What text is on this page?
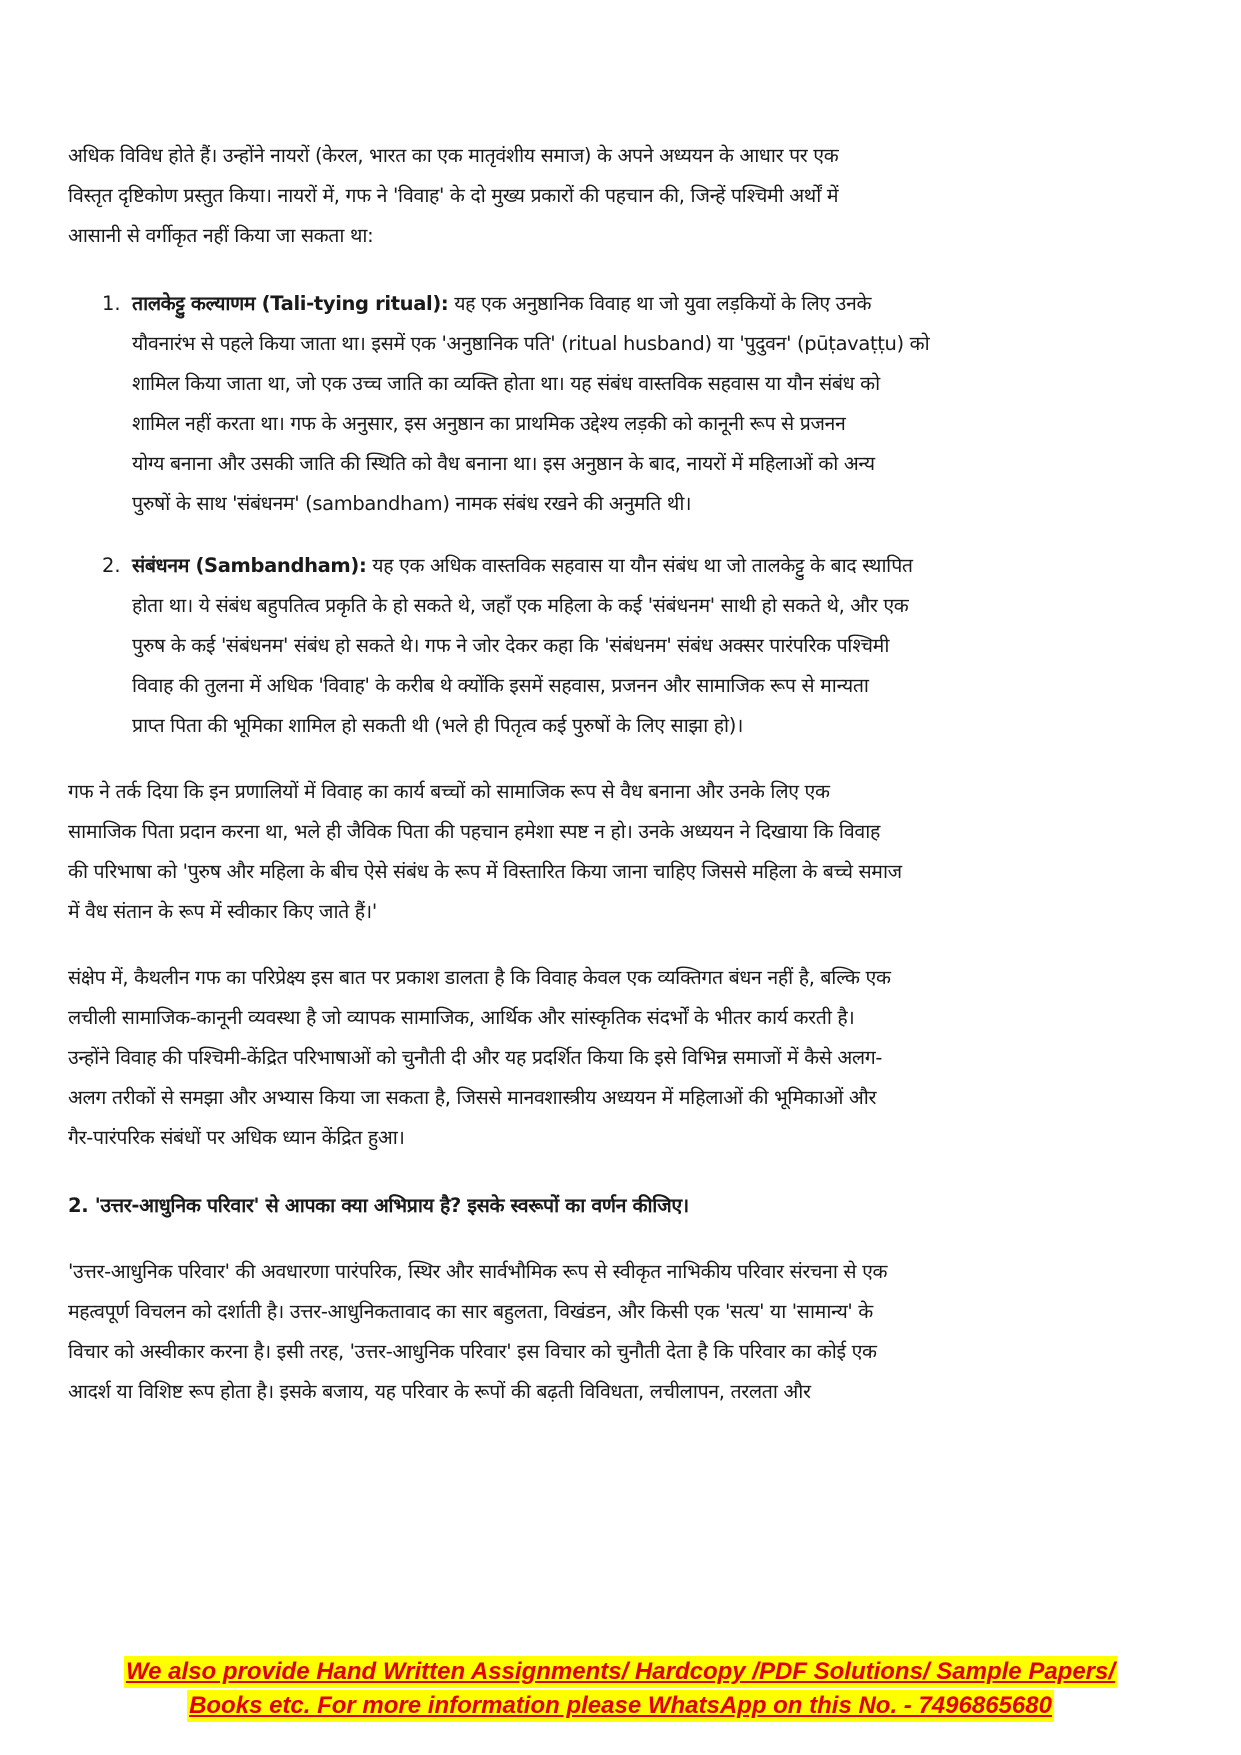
अधिक विविध होते हैं। उन्होंने नायरों (केरल, भारत का एक मातृवंशीय समाज) के अपने अध्ययन के आधार पर एक
विस्तृत दृष्टिकोण प्रस्तुत किया। नायरों में, गफ ने 'विवाह' के दो मुख्य प्रकारों की पहचान की, जिन्हें पश्चिमी अर्थों में
आसानी से वर्गीकृत नहीं किया जा सकता था:
1. तालकेट्टु कल्याणम (Tali-tying ritual): यह एक अनुष्ठानिक विवाह था जो युवा लड़कियों के लिए उनके
यौवनारंभ से पहले किया जाता था। इसमें एक 'अनुष्ठानिक पति' (ritual husband) या 'पुदुवन' (pūṭavaṭṭu) को
शामिल किया जाता था, जो एक उच्च जाति का व्यक्ति होता था। यह संबंध वास्तविक सहवास या यौन संबंध को
शामिल नहीं करता था। गफ के अनुसार, इस अनुष्ठान का प्राथमिक उद्देश्य लड़की को कानूनी रूप से प्रजनन
योग्य बनाना और उसकी जाति की स्थिति को वैध बनाना था। इस अनुष्ठान के बाद, नायरों में महिलाओं को अन्य
पुरुषों के साथ 'संबंधनम' (sambandham) नामक संबंध रखने की अनुमति थी।
2. संबंधनम (Sambandham): यह एक अधिक वास्तविक सहवास या यौन संबंध था जो तालकेट्टु के बाद स्थापित
होता था। ये संबंध बहुपतित्व प्रकृति के हो सकते थे, जहाँ एक महिला के कई 'संबंधनम' साथी हो सकते थे, और एक
पुरुष के कई 'संबंधनम' संबंध हो सकते थे। गफ ने जोर देकर कहा कि 'संबंधनम' संबंध अक्सर पारंपरिक पश्चिमी
विवाह की तुलना में अधिक 'विवाह' के करीब थे क्योंकि इसमें सहवास, प्रजनन और सामाजिक रूप से मान्यता
प्राप्त पिता की भूमिका शामिल हो सकती थी (भले ही पितृत्व कई पुरुषों के लिए साझा हो)।
गफ ने तर्क दिया कि इन प्रणालियों में विवाह का कार्य बच्चों को सामाजिक रूप से वैध बनाना और उनके लिए एक
सामाजिक पिता प्रदान करना था, भले ही जैविक पिता की पहचान हमेशा स्पष्ट न हो। उनके अध्ययन ने दिखाया कि विवाह
की परिभाषा को 'पुरुष और महिला के बीच ऐसे संबंध के रूप में विस्तारित किया जाना चाहिए जिससे महिला के बच्चे समाज
में वैध संतान के रूप में स्वीकार किए जाते हैं।'
संक्षेप में, कैथलीन गफ का परिप्रेक्ष्य इस बात पर प्रकाश डालता है कि विवाह केवल एक व्यक्तिगत बंधन नहीं है, बल्कि एक
लचीली सामाजिक-कानूनी व्यवस्था है जो व्यापक सामाजिक, आर्थिक और सांस्कृतिक संदर्भों के भीतर कार्य करती है।
उन्होंने विवाह की पश्चिमी-केंद्रित परिभाषाओं को चुनौती दी और यह प्रदर्शित किया कि इसे विभिन्न समाजों में कैसे अलग-
अलग तरीकों से समझा और अभ्यास किया जा सकता है, जिससे मानवशास्त्रीय अध्ययन में महिलाओं की भूमिकाओं और
गैर-पारंपरिक संबंधों पर अधिक ध्यान केंद्रित हुआ।
2. 'उत्तर-आधुनिक परिवार' से आपका क्या अभिप्राय है? इसके स्वरूपों का वर्णन कीजिए।
'उत्तर-आधुनिक परिवार' की अवधारणा पारंपरिक, स्थिर और सार्वभौमिक रूप से स्वीकृत नाभिकीय परिवार संरचना से एक
महत्वपूर्ण विचलन को दर्शाती है। उत्तर-आधुनिकतावाद का सार बहुलता, विखंडन, और किसी एक 'सत्य' या 'सामान्य' के
विचार को अस्वीकार करना है। इसी तरह, 'उत्तर-आधुनिक परिवार' इस विचार को चुनौती देता है कि परिवार का कोई एक
आदर्श या विशिष्ट रूप होता है। इसके बजाय, यह परिवार के रूपों की बढ़ती विविधता, लचीलापन, तरलता और
We also provide Hand Written Assignments/ Hardcopy /PDF Solutions/ Sample Papers/
Books etc. For more information please WhatsApp on this No. - 7496865680
